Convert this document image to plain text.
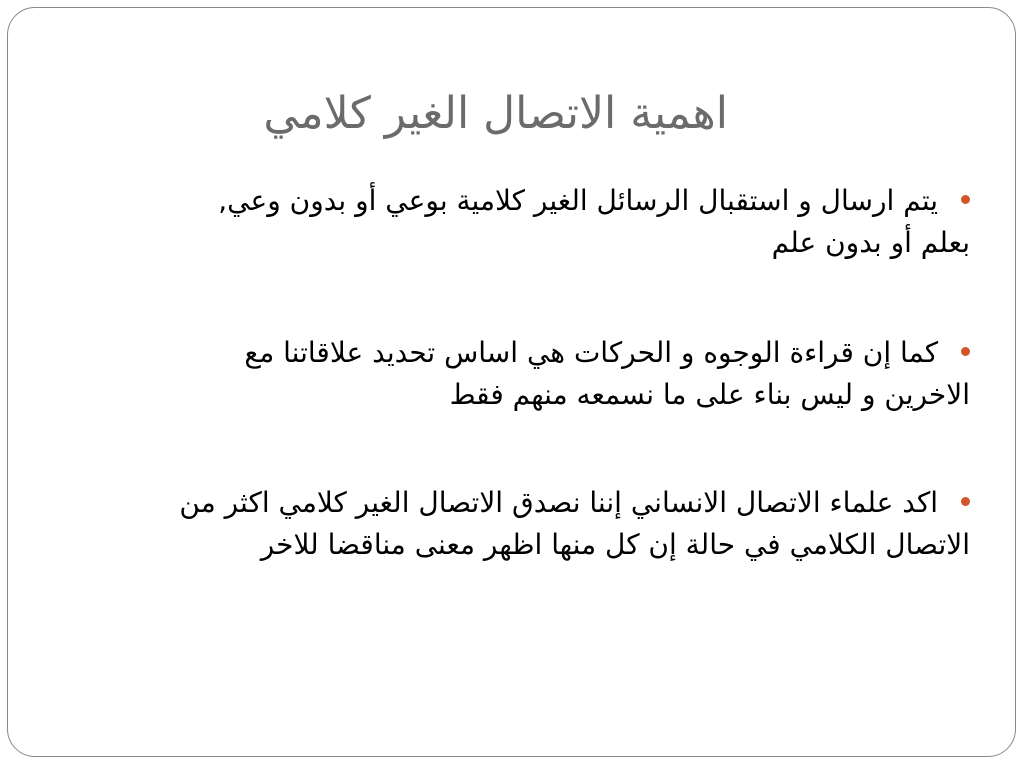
اهمية الاتصال الغير كلامي
يتم ارسال و استقبال الرسائل الغير كلامية بوعي أو بدون وعي, بعلم أو بدون علم
كما إن قراءة الوجوه و الحركات هي اساس تحديد علاقاتنا مع الاخرين و ليس بناء على ما نسمعه منهم فقط
اكد علماء الاتصال الانساني إننا نصدق الاتصال الغير كلامي اكثر من الاتصال الكلامي في حالة إن كل منها اظهر معنى مناقضا للاخر
